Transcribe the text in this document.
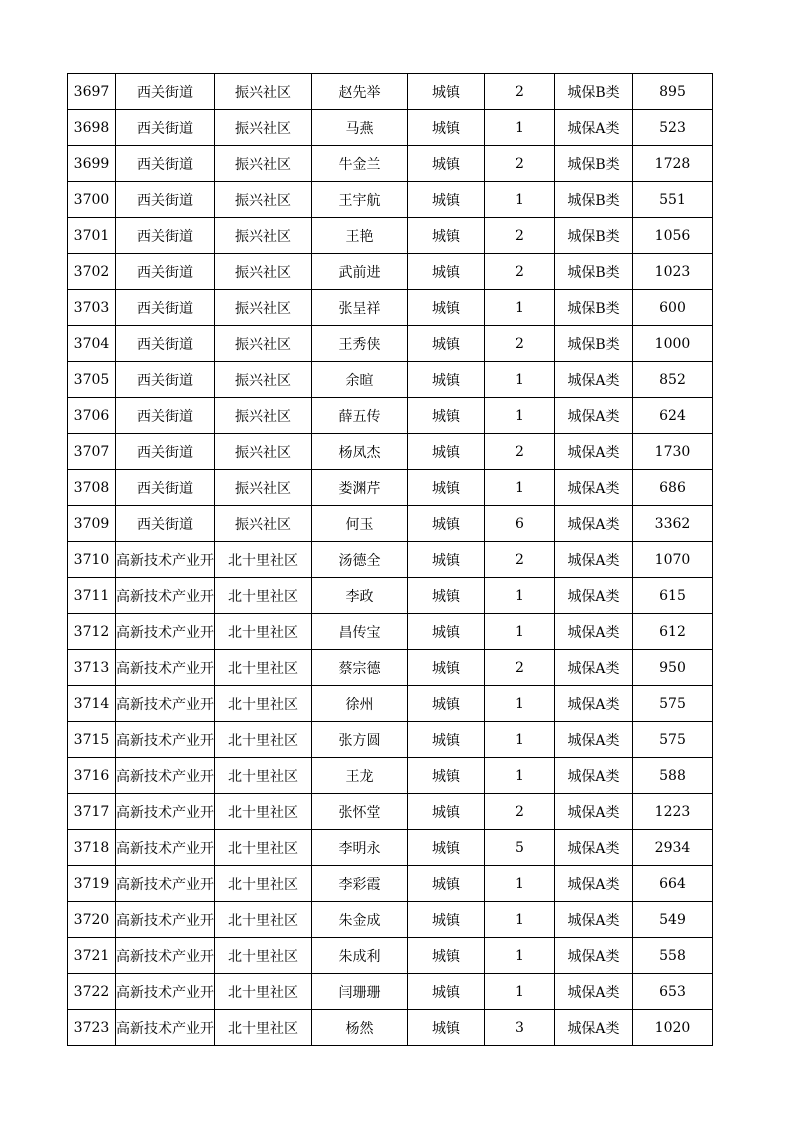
3697	西关街道	振兴社区	赵先举	城镇	2	城保B类	895
3698	西关街道	振兴社区	马燕	城镇	1	城保A类	523
3699	西关街道	振兴社区	牛金兰	城镇	2	城保B类	1728
3700	西关街道	振兴社区	王宇航	城镇	1	城保B类	551
3701	西关街道	振兴社区	王艳	城镇	2	城保B类	1056
3702	西关街道	振兴社区	武前进	城镇	2	城保B类	1023
3703	西关街道	振兴社区	张呈祥	城镇	1	城保B类	600
3704	西关街道	振兴社区	王秀侠	城镇	2	城保B类	1000
3705	西关街道	振兴社区	余暄	城镇	1	城保A类	852
3706	西关街道	振兴社区	薛五传	城镇	1	城保A类	624
3707	西关街道	振兴社区	杨凤杰	城镇	2	城保A类	1730
3708	西关街道	振兴社区	娄渊芹	城镇	1	城保A类	686
3709	西关街道	振兴社区	何玉	城镇	6	城保A类	3362
3710	高新技术产业开	北十里社区	汤德全	城镇	2	城保A类	1070
3711	高新技术产业开	北十里社区	李政	城镇	1	城保A类	615
3712	高新技术产业开	北十里社区	昌传宝	城镇	1	城保A类	612
3713	高新技术产业开	北十里社区	蔡宗德	城镇	2	城保A类	950
3714	高新技术产业开	北十里社区	徐州	城镇	1	城保A类	575
3715	高新技术产业开	北十里社区	张方圆	城镇	1	城保A类	575
3716	高新技术产业开	北十里社区	王龙	城镇	1	城保A类	588
3717	高新技术产业开	北十里社区	张怀堂	城镇	2	城保A类	1223
3718	高新技术产业开	北十里社区	李明永	城镇	5	城保A类	2934
3719	高新技术产业开	北十里社区	李彩霞	城镇	1	城保A类	664
3720	高新技术产业开	北十里社区	朱金成	城镇	1	城保A类	549
3721	高新技术产业开	北十里社区	朱成利	城镇	1	城保A类	558
3722	高新技术产业开	北十里社区	闫珊珊	城镇	1	城保A类	653
3723	高新技术产业开	北十里社区	杨然	城镇	3	城保A类	1020
